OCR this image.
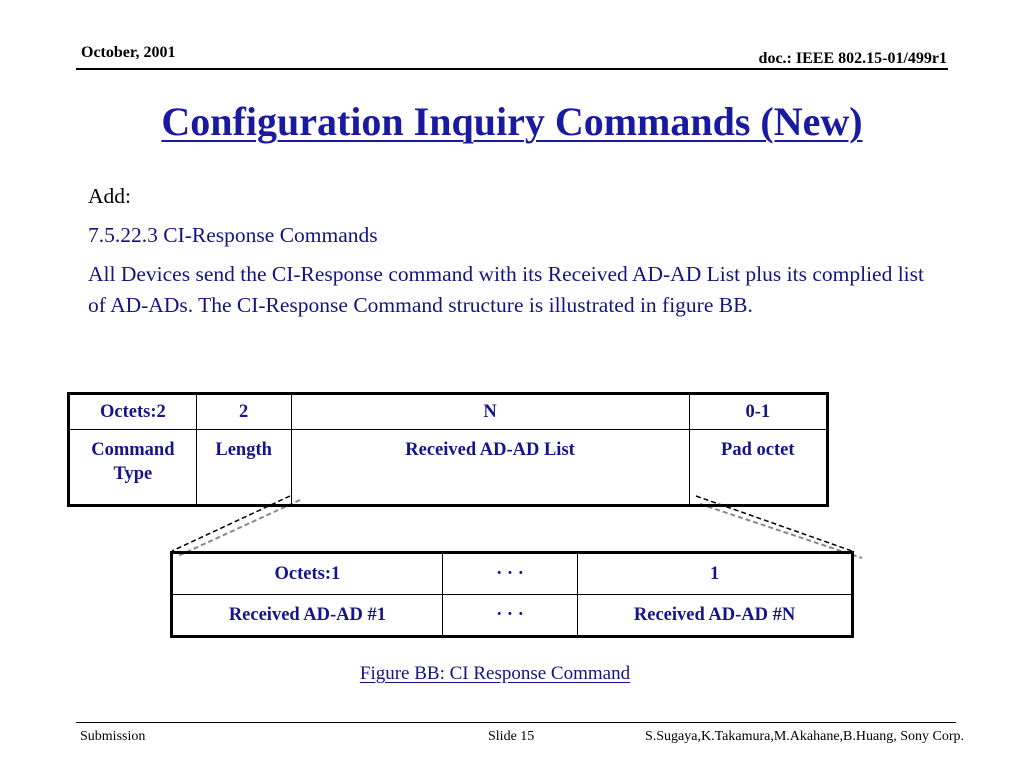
October, 2001	doc.: IEEE 802.15-01/499r1
Configuration Inquiry Commands (New)
Add:
7.5.22.3 CI-Response Commands
All Devices send the CI-Response command with its Received AD-AD List plus its complied list of AD-ADs. The CI-Response Command structure is illustrated in figure BB.
Octets:2	2	N	0-1
Command Type	Length	Received AD-AD List	Pad octet
Octets:1	· · ·	1
Received AD-AD #1	· · ·	Received AD-AD #N
Figure BB: CI Response Command
Submission	Slide 15	S.Sugaya,K.Takamura,M.Akahane,B.Huang, Sony Corp.
